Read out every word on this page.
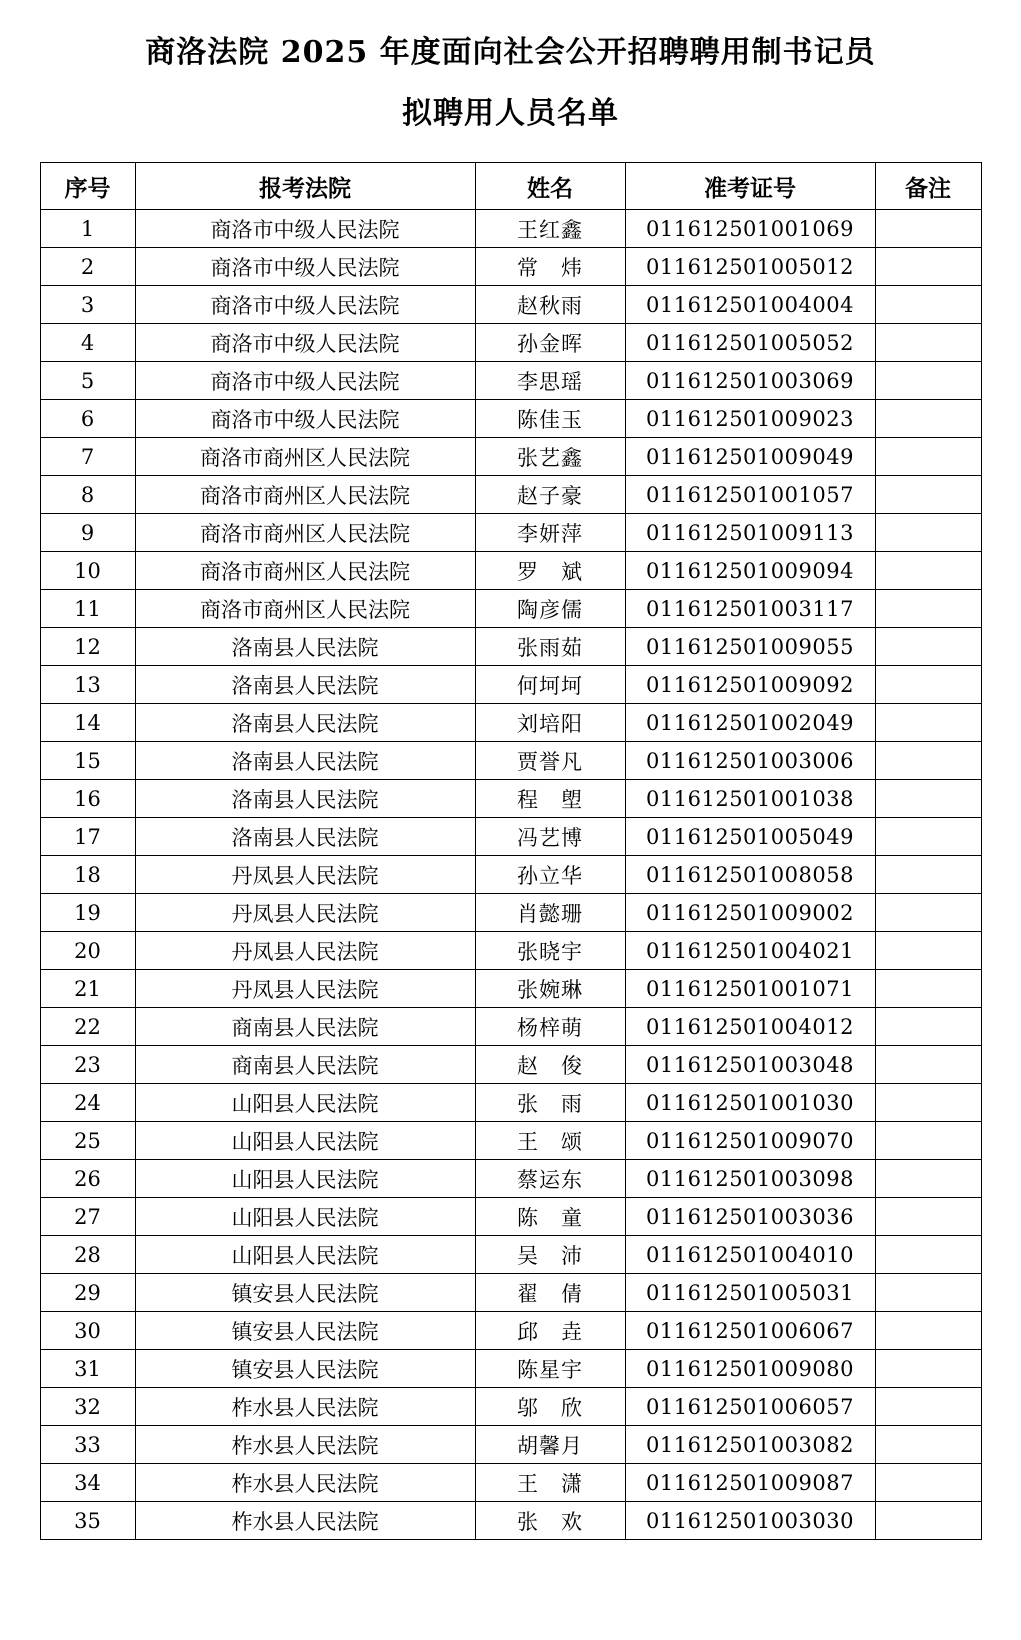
商洛法院 2025 年度面向社会公开招聘聘用制书记员
拟聘用人员名单
序号	报考法院	姓名	准考证号	备注
1	商洛市中级人民法院	王红鑫	011612501001069	
2	商洛市中级人民法院	常　炜	011612501005012	
3	商洛市中级人民法院	赵秋雨	011612501004004	
4	商洛市中级人民法院	孙金晖	011612501005052	
5	商洛市中级人民法院	李思瑶	011612501003069	
6	商洛市中级人民法院	陈佳玉	011612501009023	
7	商洛市商州区人民法院	张艺鑫	011612501009049	
8	商洛市商州区人民法院	赵子豪	011612501001057	
9	商洛市商州区人民法院	李妍萍	011612501009113	
10	商洛市商州区人民法院	罗　斌	011612501009094	
11	商洛市商州区人民法院	陶彦儒	011612501003117	
12	洛南县人民法院	张雨茹	011612501009055	
13	洛南县人民法院	何坷坷	011612501009092	
14	洛南县人民法院	刘培阳	011612501002049	
15	洛南县人民法院	贾誉凡	011612501003006	
16	洛南县人民法院	程　塱	011612501001038	
17	洛南县人民法院	冯艺博	011612501005049	
18	丹凤县人民法院	孙立华	011612501008058	
19	丹凤县人民法院	肖懿珊	011612501009002	
20	丹凤县人民法院	张晓宇	011612501004021	
21	丹凤县人民法院	张婉琳	011612501001071	
22	商南县人民法院	杨梓萌	011612501004012	
23	商南县人民法院	赵　俊	011612501003048	
24	山阳县人民法院	张　雨	011612501001030	
25	山阳县人民法院	王　颂	011612501009070	
26	山阳县人民法院	蔡运东	011612501003098	
27	山阳县人民法院	陈　童	011612501003036	
28	山阳县人民法院	吴　沛	011612501004010	
29	镇安县人民法院	翟　倩	011612501005031	
30	镇安县人民法院	邱　垚	011612501006067	
31	镇安县人民法院	陈星宇	011612501009080	
32	柞水县人民法院	邬　欣	011612501006057	
33	柞水县人民法院	胡馨月	011612501003082	
34	柞水县人民法院	王　潇	011612501009087	
35	柞水县人民法院	张　欢	011612501003030	
